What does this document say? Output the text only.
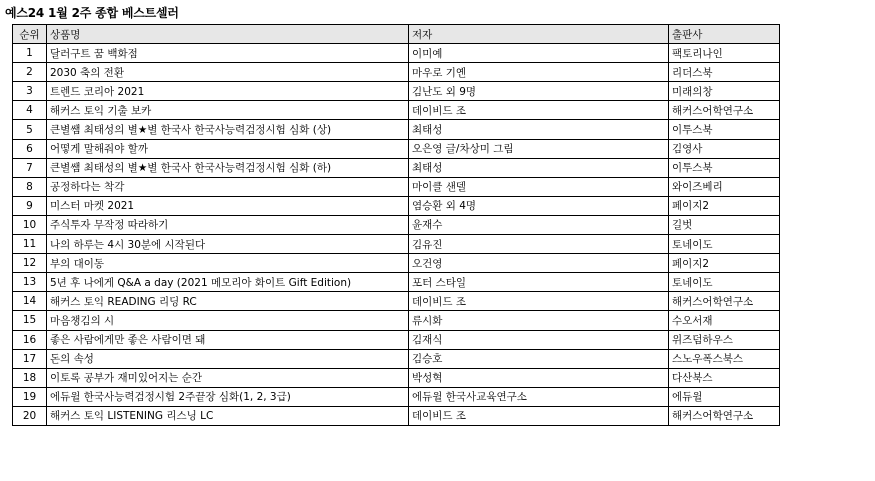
예스24 1월 2주 종합 베스트셀러
순위	상품명	저자	출판사
1	달러구트 꿈 백화점	이미예	팩토리나인
2	2030 축의 전환	마우로 기옌	리더스북
3	트렌드 코리아 2021	김난도 외 9명	미래의창
4	해커스 토익 기출 보카	데이비드 조	해커스어학연구소
5	큰별쌤 최태성의 별★별 한국사 한국사능력검정시험 심화 (상)	최태성	이투스북
6	어떻게 말해줘야 할까	오은영 글/차상미 그림	김영사
7	큰별쌤 최태성의 별★별 한국사 한국사능력검정시험 심화 (하)	최태성	이투스북
8	공정하다는 착각	마이클 샌델	와이즈베리
9	미스터 마켓 2021	염승환 외 4명	페이지2
10	주식투자 무작정 따라하기	윤재수	길벗
11	나의 하루는 4시 30분에 시작된다	김유진	토네이도
12	부의 대이동	오건영	페이지2
13	5년 후 나에게 Q&A a day (2021 메모리아 화이트 Gift Edition)	포터 스타일	토네이도
14	해커스 토익 READING 리딩 RC	데이비드 조	해커스어학연구소
15	마음챙김의 시	류시화	수오서재
16	좋은 사람에게만 좋은 사람이면 돼	김재식	위즈덤하우스
17	돈의 속성	김승호	스노우폭스북스
18	이토록 공부가 재미있어지는 순간	박성혁	다산북스
19	에듀윌 한국사능력검정시험 2주끝장 심화(1, 2, 3급)	에듀윌 한국사교육연구소	에듀윌
20	해커스 토익 LISTENING 리스닝 LC	데이비드 조	해커스어학연구소
